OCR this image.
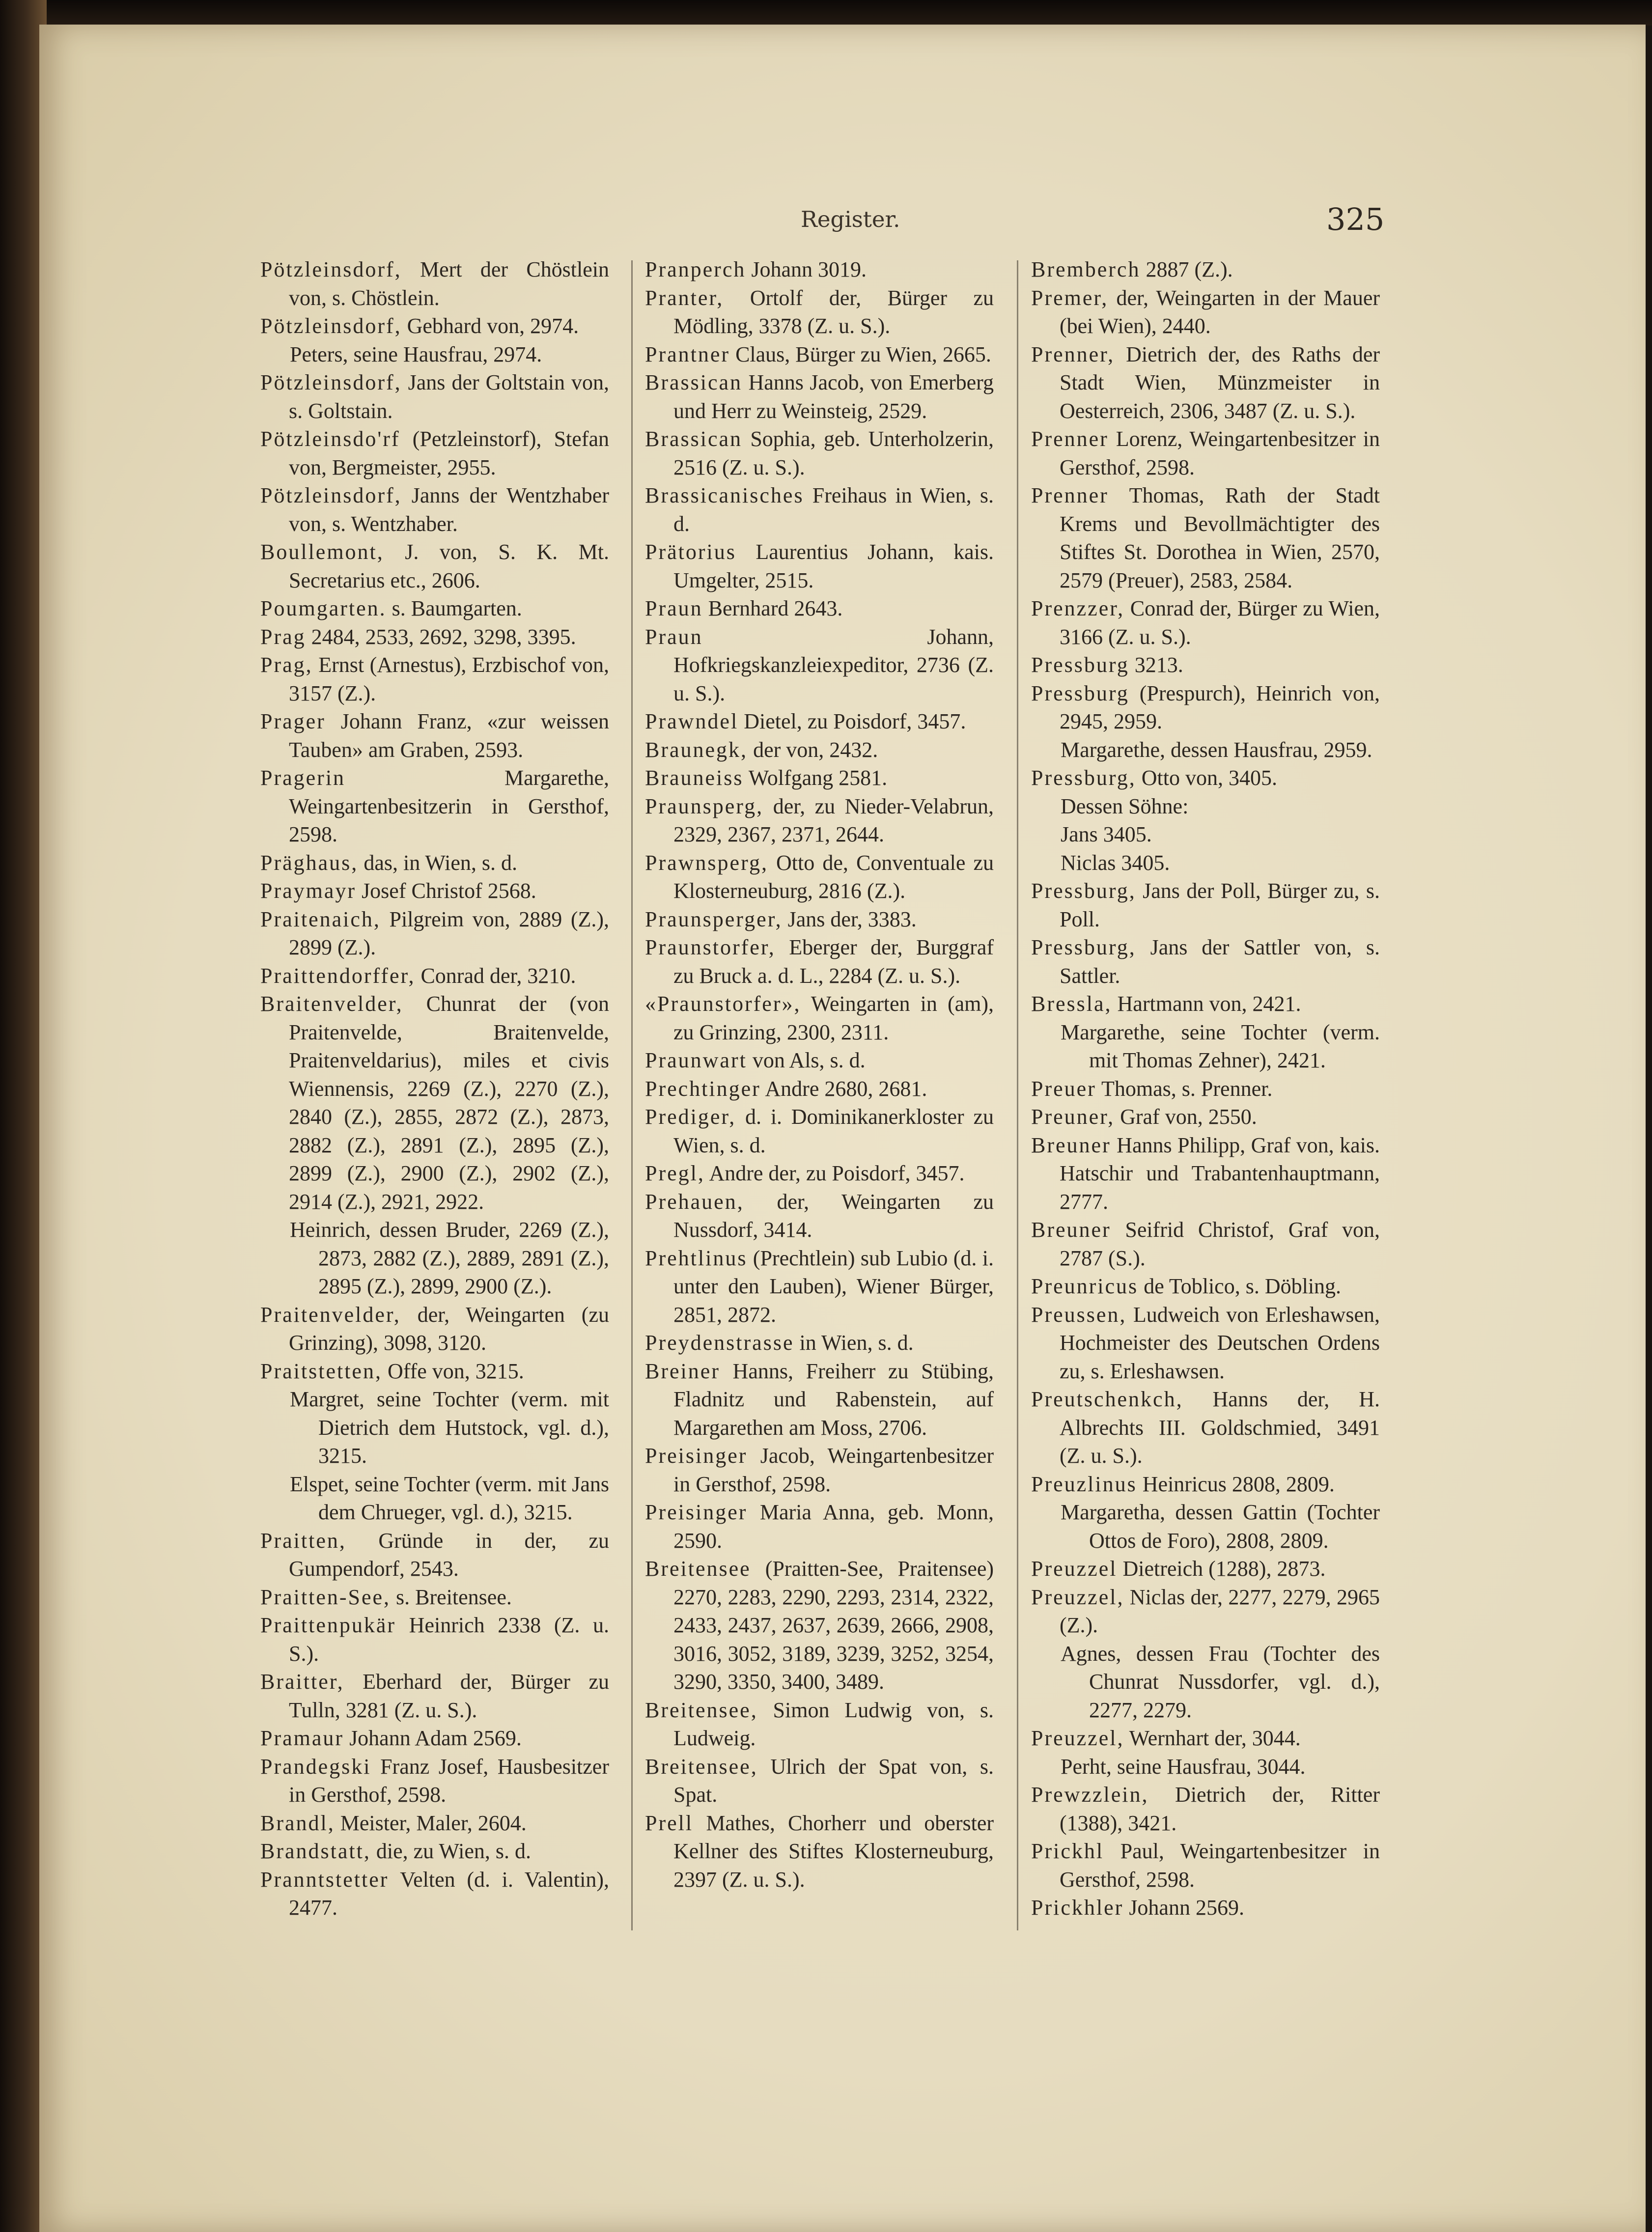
Register.	325

Pötzleinsdorf, Mert der Chöstlein von, s. Chöstlein.

Pötzleinsdorf, Gebhard von, 2974.

Peters, seine Hausfrau, 2974.

Pötzleinsdorf, Jans der Goltstain von, s. Goltstain.

Pötzleinsdo'rf (Petzleinstorf), Stefan von, Bergmeister, 2955.

Pötzleinsdorf, Janns der Wentzhaber von, s. Wentzhaber.

Boullemont, J. von, S. K. Mt. Secretarius etc., 2606.

Poumgarten. s. Baumgarten.

Prag 2484, 2533, 2692, 3298, 3395.

Prag, Ernst (Arnestus), Erzbischof von, 3157 (Z.).

Prager Johann Franz, «zur weissen Tauben» am Graben, 2593.

Pragerin Margarethe, Weingartenbesitzerin in Gersthof, 2598.

Präghaus, das, in Wien, s. d.

Praymayr Josef Christof 2568.

Praitenaich, Pilgreim von, 2889 (Z.), 2899 (Z.).

Praittendorffer, Conrad der, 3210.

Braitenvelder, Chunrat der (von Praitenvelde, Braitenvelde, Praitenveldarius), miles et civis Wiennensis, 2269 (Z.), 2270 (Z.), 2840 (Z.), 2855, 2872 (Z.), 2873, 2882 (Z.), 2891 (Z.), 2895 (Z.), 2899 (Z.), 2900 (Z.), 2902 (Z.), 2914 (Z.), 2921, 2922.

Heinrich, dessen Bruder, 2269 (Z.), 2873, 2882 (Z.), 2889, 2891 (Z.), 2895 (Z.), 2899, 2900 (Z.).

Praitenvelder, der, Weingarten (zu Grinzing), 3098, 3120.

Praitstetten, Offe von, 3215.

Margret, seine Tochter (verm. mit Dietrich dem Hutstock, vgl. d.), 3215.

Elspet, seine Tochter (verm. mit Jans dem Chrueger, vgl. d.), 3215.

Praitten, Gründe in der, zu Gumpendorf, 2543.

Praitten-See, s. Breitensee.

Praittenpukär Heinrich 2338 (Z. u. S.).

Braitter, Eberhard der, Bürger zu Tulln, 3281 (Z. u. S.).

Pramaur Johann Adam 2569.

Prandegski Franz Josef, Hausbesitzer in Gersthof, 2598.

Brandl, Meister, Maler, 2604.

Brandstatt, die, zu Wien, s. d.

Pranntstetter Velten (d. i. Valentin), 2477.

Pranperch Johann 3019.

Pranter, Ortolf der, Bürger zu Mödling, 3378 (Z. u. S.).

Prantner Claus, Bürger zu Wien, 2665.

Brassican Hanns Jacob, von Emerberg und Herr zu Weinsteig, 2529.

Brassican Sophia, geb. Unterholzerin, 2516 (Z. u. S.).

Brassicanisches Freihaus in Wien, s. d.

Prätorius Laurentius Johann, kais. Umgelter, 2515.

Praun Bernhard 2643.

Praun Johann, Hofkriegskanzleiexpeditor, 2736 (Z. u. S.).

Prawndel Dietel, zu Poisdorf, 3457.

Braunegk, der von, 2432.

Brauneiss Wolfgang 2581.

Praunsperg, der, zu Nieder-Velabrun, 2329, 2367, 2371, 2644.

Prawnsperg, Otto de, Conventuale zu Klosterneuburg, 2816 (Z.).

Praunsperger, Jans der, 3383.

Praunstorfer, Eberger der, Burggraf zu Bruck a. d. L., 2284 (Z. u. S.).

«Praunstorfer», Weingarten in (am), zu Grinzing, 2300, 2311.

Praunwart von Als, s. d.

Prechtinger Andre 2680, 2681.

Prediger, d. i. Dominikanerkloster zu Wien, s. d.

Pregl, Andre der, zu Poisdorf, 3457.

Prehauen, der, Weingarten zu Nussdorf, 3414.

Prehtlinus (Prechtlein) sub Lubio (d. i. unter den Lauben), Wiener Bürger, 2851, 2872.

Preydenstrasse in Wien, s. d.

Breiner Hanns, Freiherr zu Stübing, Fladnitz und Rabenstein, auf Margarethen am Moss, 2706.

Preisinger Jacob, Weingartenbesitzer in Gersthof, 2598.

Preisinger Maria Anna, geb. Monn, 2590.

Breitensee (Praitten-See, Praitensee) 2270, 2283, 2290, 2293, 2314, 2322, 2433, 2437, 2637, 2639, 2666, 2908, 3016, 3052, 3189, 3239, 3252, 3254, 3290, 3350, 3400, 3489.

Breitensee, Simon Ludwig von, s. Ludweig.

Breitensee, Ulrich der Spat von, s. Spat.

Prell Mathes, Chorherr und oberster Kellner des Stiftes Klosterneuburg, 2397 (Z. u. S.).

Bremberch 2887 (Z.).

Premer, der, Weingarten in der Mauer (bei Wien), 2440.

Prenner, Dietrich der, des Raths der Stadt Wien, Münzmeister in Oesterreich, 2306, 3487 (Z. u. S.).

Prenner Lorenz, Weingartenbesitzer in Gersthof, 2598.

Prenner Thomas, Rath der Stadt Krems und Bevollmächtigter des Stiftes St. Dorothea in Wien, 2570, 2579 (Preuer), 2583, 2584.

Prenzzer, Conrad der, Bürger zu Wien, 3166 (Z. u. S.).

Pressburg 3213.

Pressburg (Prespurch), Heinrich von, 2945, 2959.

Margarethe, dessen Hausfrau, 2959.

Pressburg, Otto von, 3405.

Dessen Söhne:

Jans 3405.

Niclas 3405.

Pressburg, Jans der Poll, Bürger zu, s. Poll.

Pressburg, Jans der Sattler von, s. Sattler.

Bressla, Hartmann von, 2421.

Margarethe, seine Tochter (verm. mit Thomas Zehner), 2421.

Preuer Thomas, s. Prenner.

Preuner, Graf von, 2550.

Breuner Hanns Philipp, Graf von, kais. Hatschir und Trabantenhauptmann, 2777.

Breuner Seifrid Christof, Graf von, 2787 (S.).

Preunricus de Toblico, s. Döbling.

Preussen, Ludweich von Erleshawsen, Hochmeister des Deutschen Ordens zu, s. Erleshawsen.

Preutschenkch, Hanns der, H. Albrechts III. Goldschmied, 3491 (Z. u. S.).

Preuzlinus Heinricus 2808, 2809.

Margaretha, dessen Gattin (Tochter Ottos de Foro), 2808, 2809.

Preuzzel Dietreich (1288), 2873.

Preuzzel, Niclas der, 2277, 2279, 2965 (Z.).

Agnes, dessen Frau (Tochter des Chunrat Nussdorfer, vgl. d.), 2277, 2279.

Preuzzel, Wernhart der, 3044.

Perht, seine Hausfrau, 3044.

Prewzzlein, Dietrich der, Ritter (1388), 3421.

Prickhl Paul, Weingartenbesitzer in Gersthof, 2598.

Prickhler Johann 2569.
